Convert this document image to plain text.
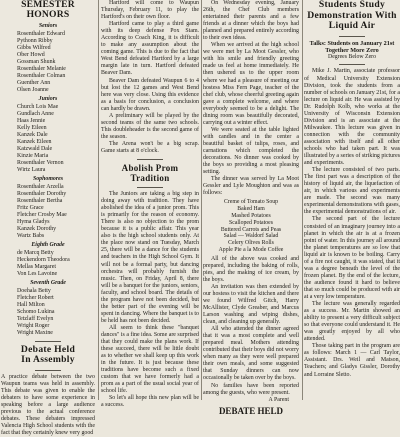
SEMESTER HONORS
Seniors
Rosenthaler Edward
Pythonn Ribby
Gibbs Wilfred
Ober Howd
Gossman Shunk
Rosenthaler Melanie
Rosenthaler Colman
Guenther Ann
Olsen Joanne
Juniors
Church Lois Mae
Gundlach Anne
Haas Jennie
Kelly Eileen
Kanzek Dale
Kanzek Eileen
Katzwald Dale
Kinzie Maria
Rosenthaler Vernon
Wirtz Laura
Sophomores
Rosenthaler Arzella
Rosenthaler Dorothy
Rosenthaler Bertha
Fritz Grace
Fletcher Crosby Mae
Hyma Gladys
Kanzek Dorothy
Wartz Babs
Eighth Grade
de Marcq Betty
Heckendorn Theodora
Mellas Margaret
Von Les Lavoine
Seventh Grade
Doehala Betty
Fletcher Robert
Hall Milton
Schomo Lukina
Tetzlaff Evelyn
Wright Roger
Wright Maxine
Debate Held
In Assembly

A practice debate between the two Waupun teams was held in assembly. This debate was given to enable the debaters to have some experience in speaking before a large audience previous to the actual conference debates. These debaters impressed Valencia High School students with the fact that they certainly knew very good

Hartford will come to Waupun Thursday, February 11, to play the Hartford's on their own floor.

Hartford came to play a third game with its deep defense Pox Stam. According to Coach King, it is difficult to make any assumption about the coming game. This is due to the fact that West Bend defeated Hartford by a large margin late in turn. Hartford defeated Beaver Dam.

Beaver Dam defeated Waupun 6 to 4 but lost the 12 games and West Bend here was very close. Using this evidence as a basis for conclusion, a conclusion can hardly be drawn.

A preliminary will be played by the second teams of the same two schools. This doubleheader is the second game of the season.

The Arena won't be a big scrap. Game starts at 8 o'clock.

Abolish Prom Tradition

The Juniors are taking a big step in doing away with tradition. They have abolished the idea of a junior prom. This is primarily for the reason of economy. There is also no objection to the prom because it is a public affair. This year also is the high school students only. At the place now stand on Tuesday, March 25, there will be a dance for the students and teachers in the High School Gym. It will not be a formal party, but dancing orchestra will probably furnish the music. Then, on Friday, April 8, there will be a banquet for the juniors, seniors, faculty, and school board. The details of the program have not been decided, but the better part of the evening will be spent in dancing. Where the banquet is to be held has not been decided.

All seem to think these "banquet dances" is a fine idea. Some are surprised that they could make the plans work. If these succeed, there will be little doubt as to whether we shall keep up this work in the future. It is just because these traditions have become such a fixed custom that we have formerly had a prom as a part of the usual social year of school life.

So let's all hope this new plan will be a success.

On Wednesday evening, January 26th, the Chef Club members entertained their parents and a few friends at a dinner which the boys had planned and prepared entirely according to their own ideas.

When we arrived at the high school we were met by La Moot Gessler, who with his smile and friendly greeting made us feel at home immediately. He then ushered us to the upper room where we had a pleasure of meeting our hostess Miss Fern Page, teacher of the chef club, whose cheerful greeting again gave a complete welcome, and where everybody seemed to be a delight. The dining room was beautifully decorated, carrying out a winter effect.

We were seated at the table lighted with candles and in the center a beautiful basket of tulips, roses, and carnations which completed the decorations. No dinner was cooked by the boys so providing a most pleasing setting.

The dinner was served by La Moot Gessler and Lyle Moughton and was as follows:

Creme of Tomato Soup

Baked Ham
Mashed Potatoes
Scalloped Potatoes
Buttered Carrots and Peas
Salad — Waldorf Salad
Celery Olives Rolls
Apple Pie a la Mode Coffee

All of the above was cooked and prepared, including the baking of rolls, pies, and the making of ice cream, by the boys.

An invitation was then extended by our hostess to visit the kitchen and there we found Wilfred Gitch, Harry McAllister, Clyde Greaber, and Marcus Larson washing and wiping dishes, clean, and cleaning up generally.

All who attended the dinner agreed that it was a most complete and well prepared meal. Mothers attending contributed that their boys did not worry when many as they were well prepared their own meals, and some suggested that Sunday dinners can now occasionally be taken over by the boys.

No families have been reported among the guests, who were present.

A Parent

DEBATE HELD
Students Study Demonstration With Liquid Air

Talks: Students on January 21st Together More Zero

Degrees Below Zero

Mike J. Martin, associate professor of Medical University Extension Division, took the students from a number of schools on January 21st, for a lecture on liquid air. He was assisted by Dr. Rudolph Kolb, who works at the University of Wisconsin Extension Division and is an associate at the Milwaukee. This lecture was given in connection with the community association with itself and all other schools who had taken part. It was illustrated by a series of striking pictures and experiments.

The lecture consisted of two parts. The first part was a description of the history of liquid air, the liquefaction of air, in which various and experiments are made. The second was many experimental demonstrations with gases, the experimental demonstrations of air.

The second part of the lecture consisted of an imaginary journey into a planet in which the air is at a frozen point of water. In this journey all around the planet temperatures are so low that liquid air is known to be boiling. Carry of a fire not caught, it was stated, that it was a degree beneath the level of the frozen planet. By the end of the lecture, the audience found it hard to believe that so much could be produced with air at a very low temperature.

The lecture was generally regarded as a success. Mr. Martin showed an ability to present a very difficult subject so that everyone could understand it. He was greatly enjoyed by all who attended.

Those taking part in the program are as follows: March 1 — Carl Taylor, Assistant. Drs. Weil and Matson, Teachers; and Gladys Gissler, Dorothy and Lorraine Sletto.
